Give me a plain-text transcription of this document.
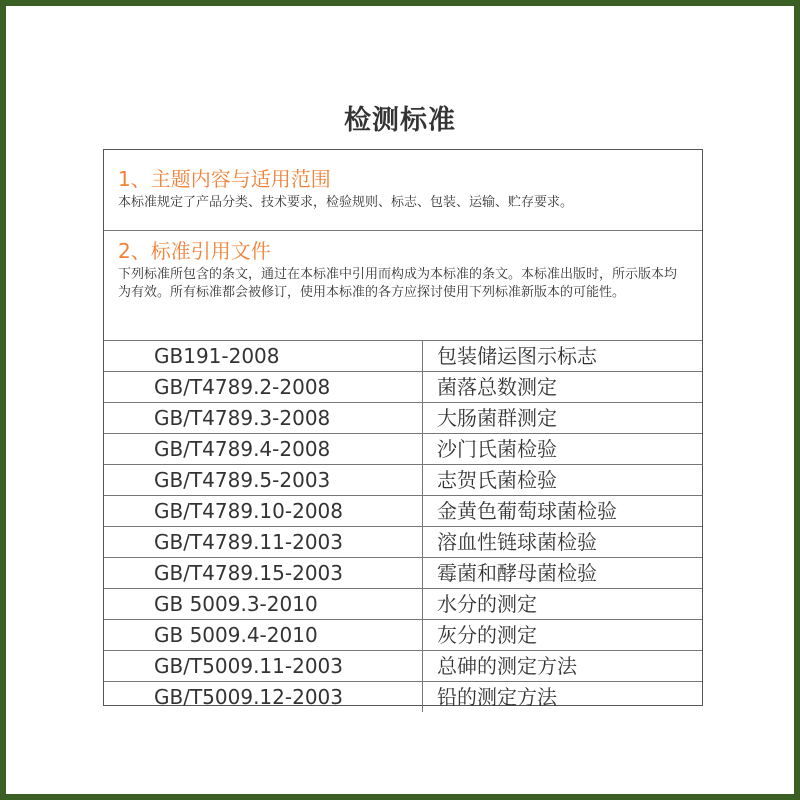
检测标准
1、主题内容与适用范围
本标准规定了产品分类、技术要求，检验规则、标志、包装、运输、贮存要求。
2、标准引用文件
下列标准所包含的条文，通过在本标准中引用而构成为本标准的条文。本标准出版时，所示版本均为有效。所有标准都会被修订，使用本标准的各方应探讨使用下列标准新版本的可能性。
GB191-2008	包装储运图示标志
GB/T4789.2-2008	菌落总数测定
GB/T4789.3-2008	大肠菌群测定
GB/T4789.4-2008	沙门氏菌检验
GB/T4789.5-2003	志贺氏菌检验
GB/T4789.10-2008	金黄色葡萄球菌检验
GB/T4789.11-2003	溶血性链球菌检验
GB/T4789.15-2003	霉菌和酵母菌检验
GB 5009.3-2010	水分的测定
GB 5009.4-2010	灰分的测定
GB/T5009.11-2003	总砷的测定方法
GB/T5009.12-2003	铅的测定方法
